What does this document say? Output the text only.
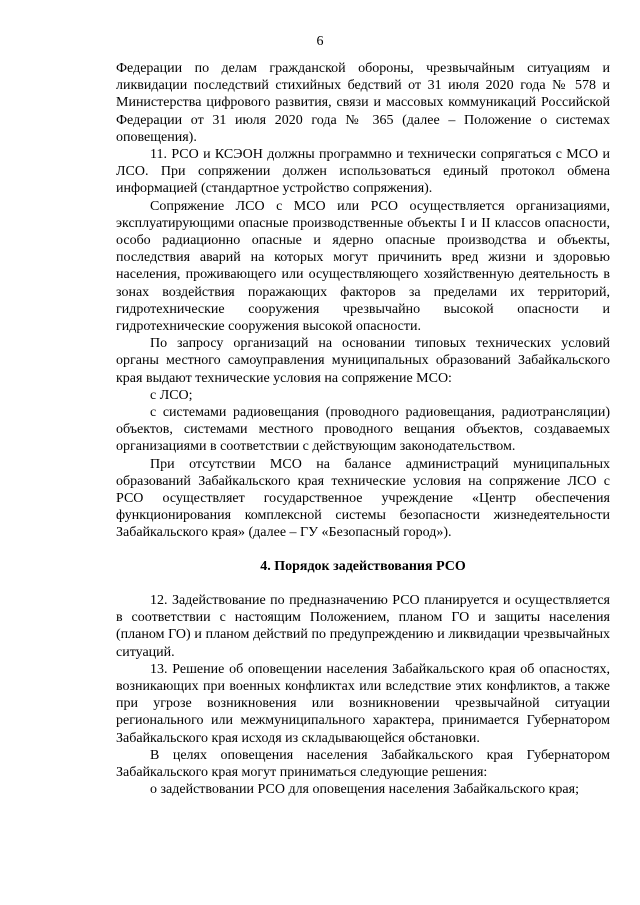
6

Федерации по делам гражданской обороны, чрезвычайным ситуациям и ликвидации последствий стихийных бедствий от 31 июля 2020 года № 578 и Министерства цифрового развития, связи и массовых коммуникаций Российской Федерации от 31 июля 2020 года № 365 (далее – Положение о системах оповещения).

11. РСО и КСЭОН должны программно и технически сопрягаться с МСО и ЛСО. При сопряжении должен использоваться единый протокол обмена информацией (стандартное устройство сопряжения).

Сопряжение ЛСО с МСО или РСО осуществляется организациями, эксплуатирующими опасные производственные объекты I и II классов опасности, особо радиационно опасные и ядерно опасные производства и объекты, последствия аварий на которых могут причинить вред жизни и здоровью населения, проживающего или осуществляющего хозяйственную деятельность в зонах воздействия поражающих факторов за пределами их территорий, гидротехнические сооружения чрезвычайно высокой опасности и гидротехнические сооружения высокой опасности.

По запросу организаций на основании типовых технических условий органы местного самоуправления муниципальных образований Забайкальского края выдают технические условия на сопряжение МСО:

с ЛСО;

с системами радиовещания (проводного радиовещания, радиотрансляции) объектов, системами местного проводного вещания объектов, создаваемых организациями в соответствии с действующим законодательством.

При отсутствии МСО на балансе администраций муниципальных образований Забайкальского края технические условия на сопряжение ЛСО с РСО осуществляет государственное учреждение «Центр обеспечения функционирования комплексной системы безопасности жизнедеятельности Забайкальского края» (далее – ГУ «Безопасный город»).

4. Порядок задействования РСО

12. Задействование по предназначению РСО планируется и осуществляется в соответствии с настоящим Положением, планом ГО и защиты населения (планом ГО) и планом действий по предупреждению и ликвидации чрезвычайных ситуаций.

13. Решение об оповещении населения Забайкальского края об опасностях, возникающих при военных конфликтах или вследствие этих конфликтов, а также при угрозе возникновения или возникновении чрезвычайной ситуации регионального или межмуниципального характера, принимается Губернатором Забайкальского края исходя из складывающейся обстановки.

В целях оповещения населения Забайкальского края Губернатором Забайкальского края могут приниматься следующие решения:

о задействовании РСО для оповещения населения Забайкальского края;
